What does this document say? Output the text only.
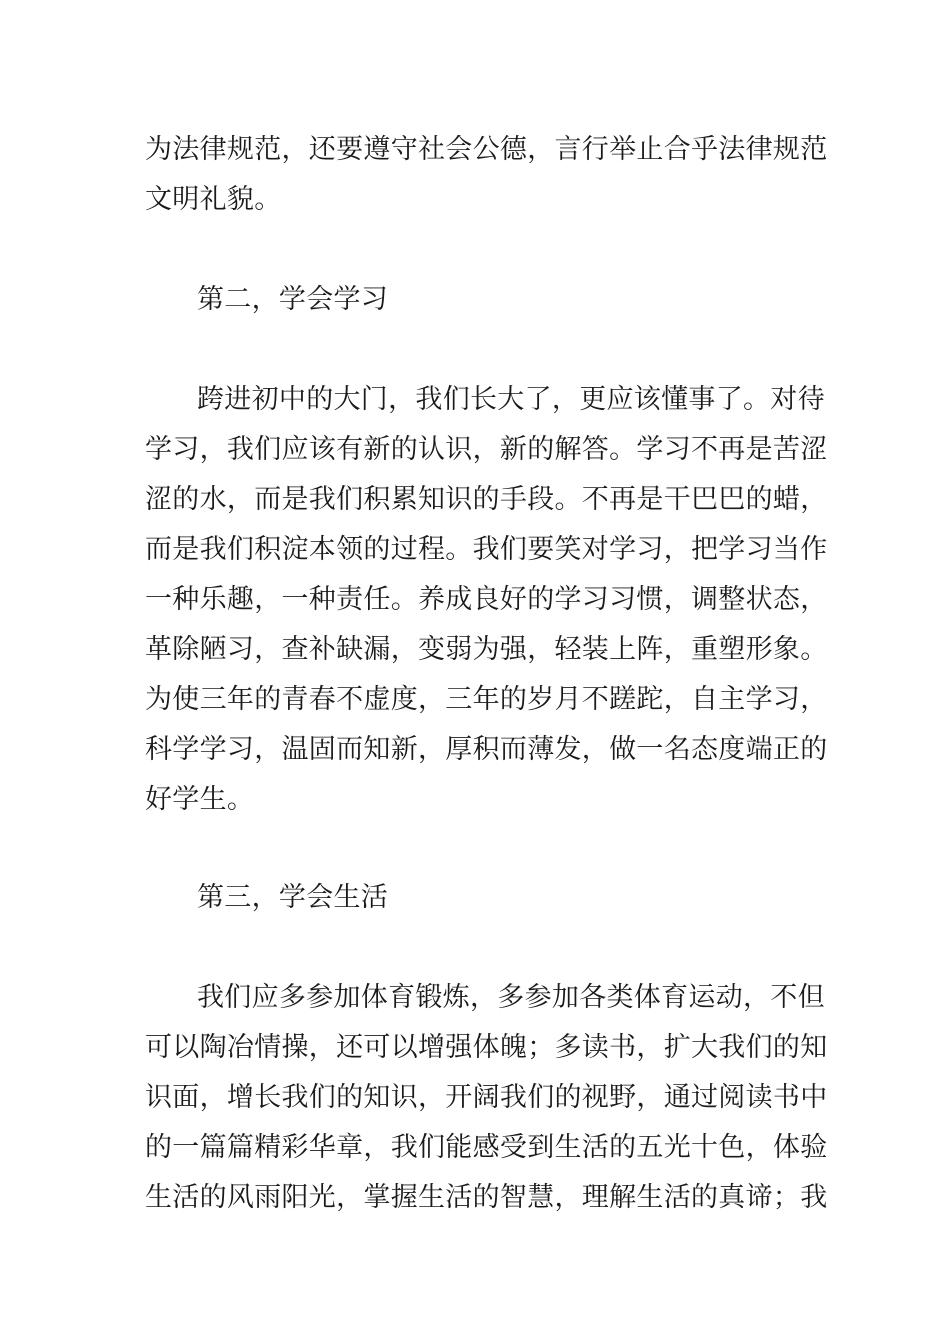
为法律规范，还要遵守社会公德，言行举止合乎法律规范
文明礼貌。
第二，学会学习
跨进初中的大门，我们长大了，更应该懂事了。对待
学习，我们应该有新的认识，新的解答。学习不再是苦涩
涩的水，而是我们积累知识的手段。不再是干巴巴的蜡，
而是我们积淀本领的过程。我们要笑对学习，把学习当作
一种乐趣，一种责任。养成良好的学习习惯，调整状态，
革除陋习，查补缺漏，变弱为强，轻装上阵，重塑形象。
为使三年的青春不虚度，三年的岁月不蹉跎，自主学习，
科学学习，温固而知新，厚积而薄发，做一名态度端正的
好学生。
第三，学会生活
我们应多参加体育锻炼，多参加各类体育运动，不但
可以陶冶情操，还可以增强体魄；多读书，扩大我们的知
识面，增长我们的知识，开阔我们的视野，通过阅读书中
的一篇篇精彩华章，我们能感受到生活的五光十色，体验
生活的风雨阳光，掌握生活的智慧，理解生活的真谛；我
